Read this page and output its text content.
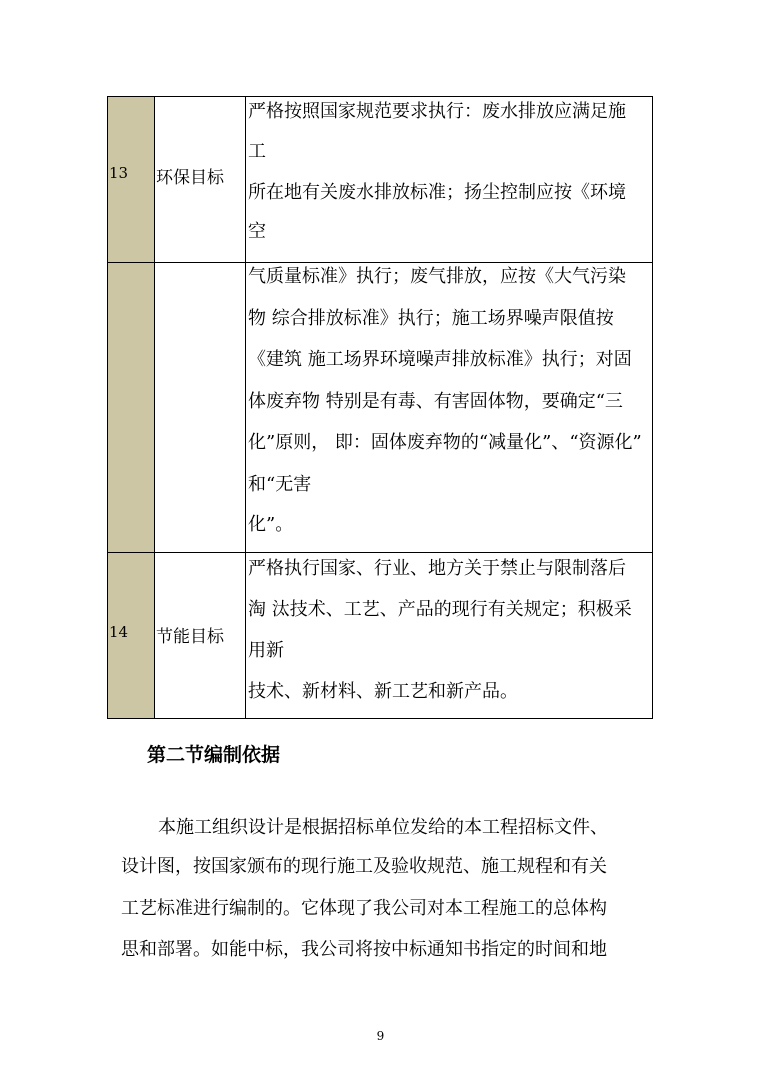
13 环保目标
严格按照国家规范要求执行：废水排放应满足施
工
所在地有关废水排放标准；扬尘控制应按《环境
空
气质量标准》执行；废气排放，应按《大气污染
物 综合排放标准》执行；施工场界噪声限值按
《建筑 施工场界环境噪声排放标准》执行；对固
体废弃物 特别是有毒、有害固体物，要确定“三
化”原则， 即：固体废弃物的“减量化”、“资源化”
和“无害
化”。
14 节能目标
严格执行国家、行业、地方关于禁止与限制落后
淘 汰技术、工艺、产品的现行有关规定；积极采
用新
技术、新材料、新工艺和新产品。
第二节编制依据
本施工组织设计是根据招标单位发给的本工程招标文件、
设计图，按国家颁布的现行施工及验收规范、施工规程和有关
工艺标准进行编制的。它体现了我公司对本工程施工的总体构
思和部署。如能中标，我公司将按中标通知书指定的时间和地
9
